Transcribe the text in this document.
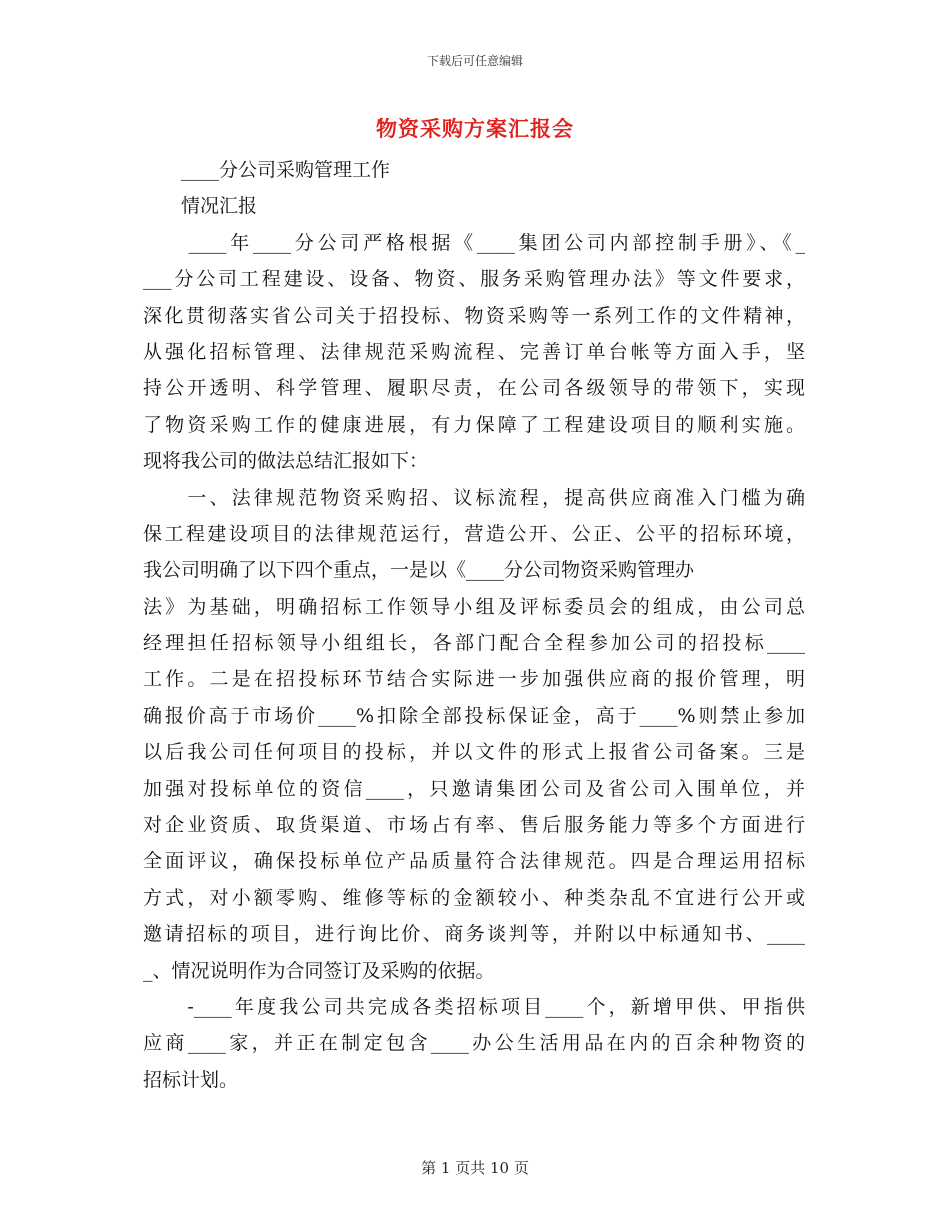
下载后可任意编辑
物资采购方案汇报会
　　____分公司采购管理工作
　　情况汇报
　　____年____分公司严格根据《____集团公司内部控制手册》、《_
___分公司工程建设、设备、物资、服务采购管理办法》等文件要求，
深化贯彻落实省公司关于招投标、物资采购等一系列工作的文件精神，
从强化招标管理、法律规范采购流程、完善订单台帐等方面入手，坚
持公开透明、科学管理、履职尽责，在公司各级领导的带领下，实现
了物资采购工作的健康进展，有力保障了工程建设项目的顺利实施。
现将我公司的做法总结汇报如下：
　　一、法律规范物资采购招、议标流程，提高供应商准入门槛为确
保工程建设项目的法律规范运行，营造公开、公正、公平的招标环境，
我公司明确了以下四个重点，一是以《____分公司物资采购管理办
法》为基础，明确招标工作领导小组及评标委员会的组成，由公司总
经理担任招标领导小组组长，各部门配合全程参加公司的招投标____
工作。二是在招投标环节结合实际进一步加强供应商的报价管理，明
确报价高于市场价____%扣除全部投标保证金，高于____%则禁止参加
以后我公司任何项目的投标，并以文件的形式上报省公司备案。三是
加强对投标单位的资信____，只邀请集团公司及省公司入围单位，并
对企业资质、取货渠道、市场占有率、售后服务能力等多个方面进行
全面评议，确保投标单位产品质量符合法律规范。四是合理运用招标
方式，对小额零购、维修等标的金额较小、种类杂乱不宜进行公开或
邀请招标的项目，进行询比价、商务谈判等，并附以中标通知书、____
_、情况说明作为合同签订及采购的依据。
　　-____年度我公司共完成各类招标项目____个，新增甲供、甲指供
应商____家，并正在制定包含____办公生活用品在内的百余种物资的
招标计划。
第 1 页共 10 页
